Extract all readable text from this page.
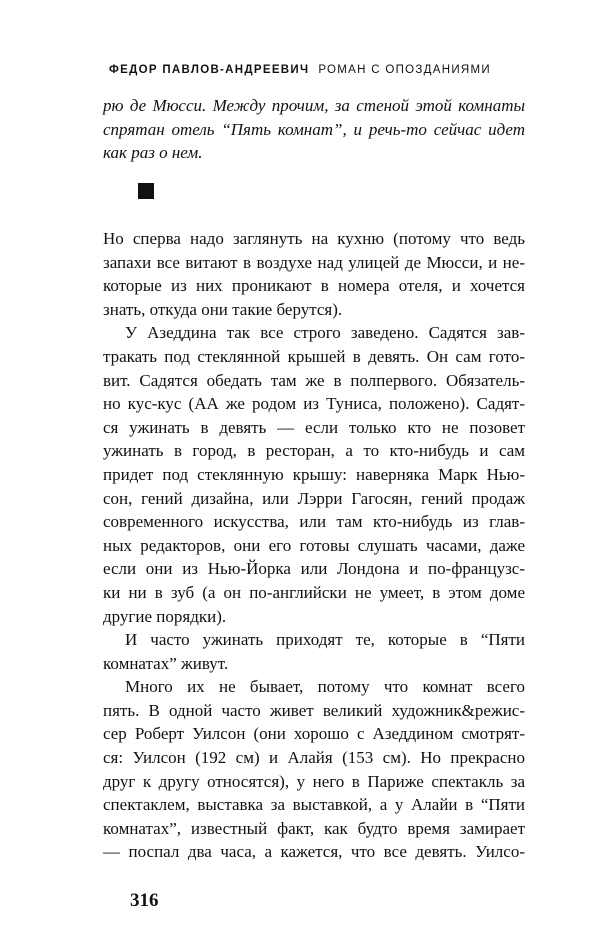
ФЕДОР ПАВЛОВ-АНДРЕЕВИЧ РОМАН С ОПОЗДАНИЯМИ
рю де Мюсси. Между прочим, за стеной этой комнаты
спрятан отель “Пять комнат”, и речь-то сейчас идет
как раз о нем.
Но сперва надо заглянуть на кухню (потому что ведь
запахи все витают в воздухе над улицей де Мюсси, и не-
которые из них проникают в номера отеля, и хочется
знать, откуда они такие берутся).
У Азеддина так все строго заведено. Садятся зав-
тракать под стеклянной крышей в девять. Он сам гото-
вит. Садятся обедать там же в полпервого. Обязатель-
но кус-кус (АА же родом из Туниса, положено). Садят-
ся ужинать в девять — если только кто не позовет
ужинать в город, в ресторан, а то кто-нибудь и сам
придет под стеклянную крышу: наверняка Марк Нью-
сон, гений дизайна, или Лэрри Гагосян, гений продаж
современного искусства, или там кто-нибудь из глав-
ных редакторов, они его готовы слушать часами, даже
если они из Нью-Йорка или Лондона и по-французс-
ки ни в зуб (а он по-английски не умеет, в этом доме
другие порядки).
И часто ужинать приходят те, которые в “Пяти
комнатах” живут.
Много их не бывает, потому что комнат всего
пять. В одной часто живет великий художник&режис-
сер Роберт Уилсон (они хорошо с Азеддином смотрят-
ся: Уилсон (192 см) и Алайя (153 см). Но прекрасно
друг к другу относятся), у него в Париже спектакль за
спектаклем, выставка за выставкой, а у Алайи в “Пяти
комнатах”, известный факт, как будто время замирает
— поспал два часа, а кажется, что все девять. Уилсо-
316
